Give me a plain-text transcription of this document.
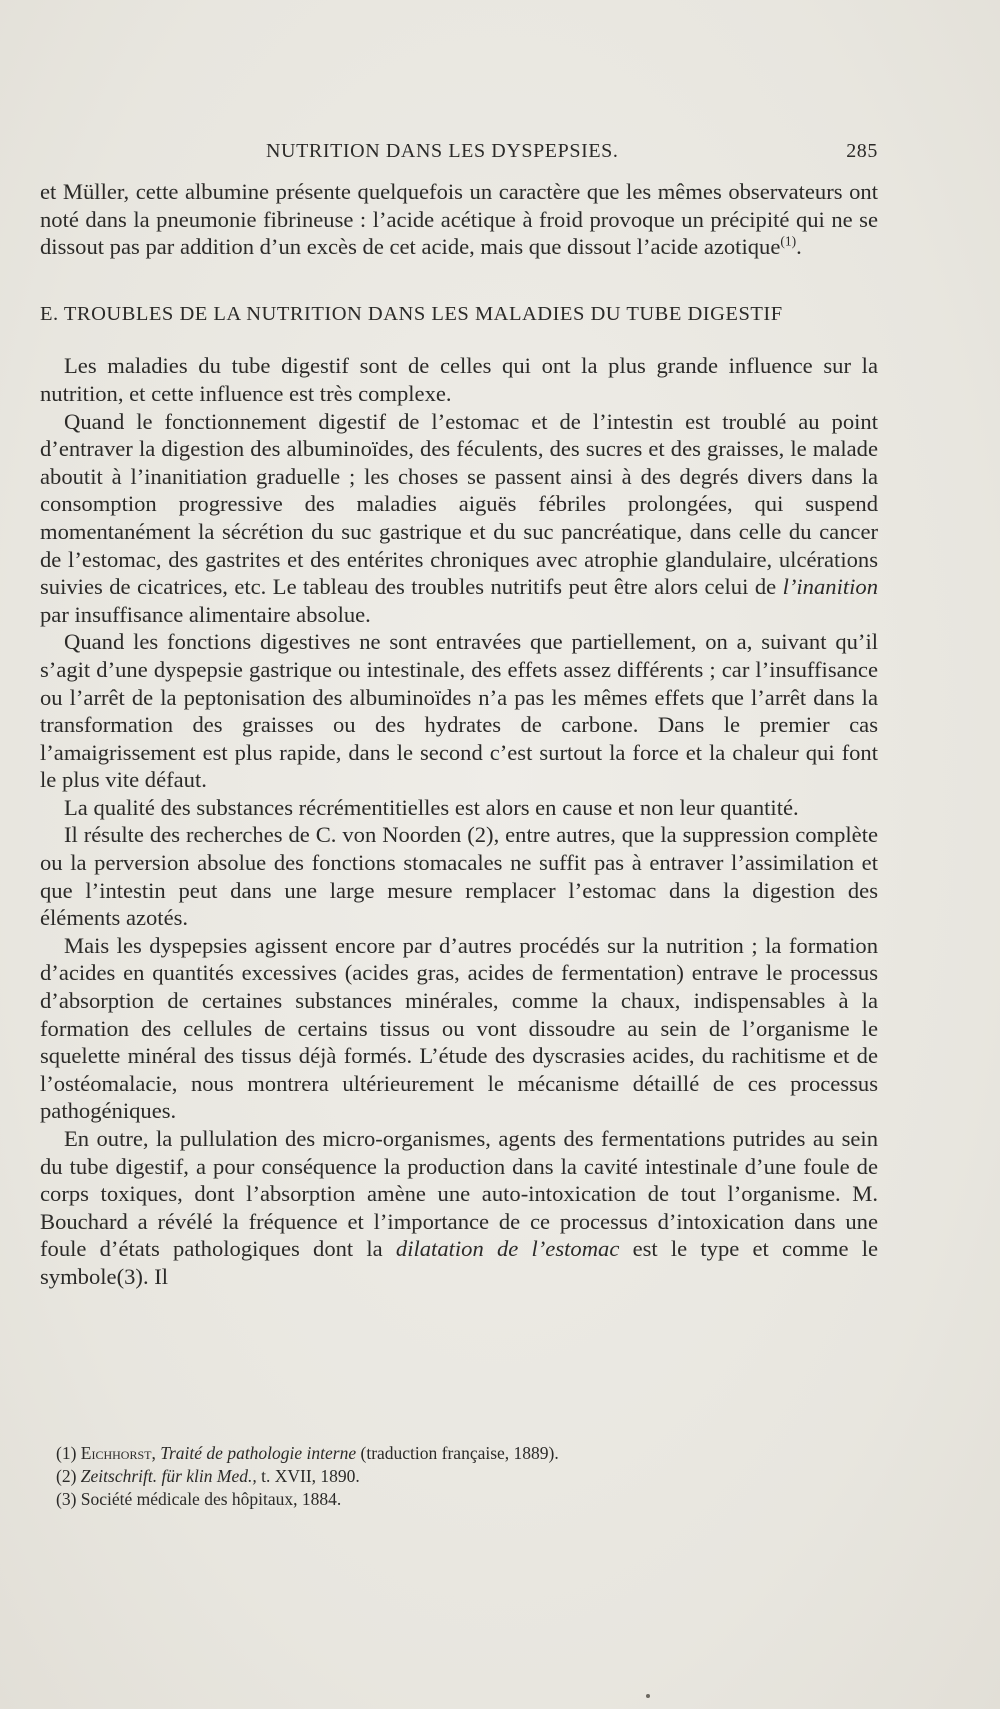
NUTRITION DANS LES DYSPEPSIES.	285

et Müller, cette albumine présente quelquefois un caractère que les mêmes observateurs ont noté dans la pneumonie fibrineuse : l’acide acétique à froid provoque un précipité qui ne se dissout pas par addition d’un excès de cet acide, mais que dissout l’acide azotique$^{(1)}$.

E. TROUBLES DE LA NUTRITION DANS LES MALADIES DU TUBE DIGESTIF

Les maladies du tube digestif sont de celles qui ont la plus grande influence sur la nutrition, et cette influence est très complexe.

Quand le fonctionnement digestif de l’estomac et de l’intestin est troublé au point d’entraver la digestion des albuminoïdes, des féculents, des sucres et des graisses, le malade aboutit à l’inanitiation graduelle ; les choses se passent ainsi à des degrés divers dans la consomption progressive des maladies aiguës fébriles prolongées, qui suspend momentanément la sécrétion du suc gastrique et du suc pancréatique, dans celle du cancer de l’estomac, des gastrites et des entérites chroniques avec atrophie glandulaire, ulcérations suivies de cicatrices, etc. Le tableau des troubles nutritifs peut être alors celui de l’inanition par insuffisance alimentaire absolue.

Quand les fonctions digestives ne sont entravées que partiellement, on a, suivant qu’il s’agit d’une dyspepsie gastrique ou intestinale, des effets assez différents ; car l’insuffisance ou l’arrêt de la peptonisation des albuminoïdes n’a pas les mêmes effets que l’arrêt dans la transformation des graisses ou des hydrates de carbone. Dans le premier cas l’amaigrissement est plus rapide, dans le second c’est surtout la force et la chaleur qui font le plus vite défaut.

La qualité des substances récrémentitielles est alors en cause et non leur quantité.

Il résulte des recherches de C. von Noorden (2), entre autres, que la suppression complète ou la perversion absolue des fonctions stomacales ne suffit pas à entraver l’assimilation et que l’intestin peut dans une large mesure remplacer l’estomac dans la digestion des éléments azotés.

Mais les dyspepsies agissent encore par d’autres procédés sur la nutrition ; la formation d’acides en quantités excessives (acides gras, acides de fermentation) entrave le processus d’absorption de certaines substances minérales, comme la chaux, indispensables à la formation des cellules de certains tissus ou vont dissoudre au sein de l’organisme le squelette minéral des tissus déjà formés. L’étude des dyscrasies acides, du rachitisme et de l’ostéomalacie, nous montrera ultérieurement le mécanisme détaillé de ces processus pathogéniques.

En outre, la pullulation des micro-organismes, agents des fermentations putrides au sein du tube digestif, a pour conséquence la production dans la cavité intestinale d’une foule de corps toxiques, dont l’absorption amène une auto-intoxication de tout l’organisme. M. Bouchard a révélé la fréquence et l’importance de ce processus d’intoxication dans une foule d’états pathologiques dont la dilatation de l’estomac est le type et comme le symbole(3). Il

(1) Eichhorst, Traité de pathologie interne (traduction française, 1889).
(2) Zeitschrift. für klin Med., t. XVII, 1890.
(3) Société médicale des hôpitaux, 1884.
